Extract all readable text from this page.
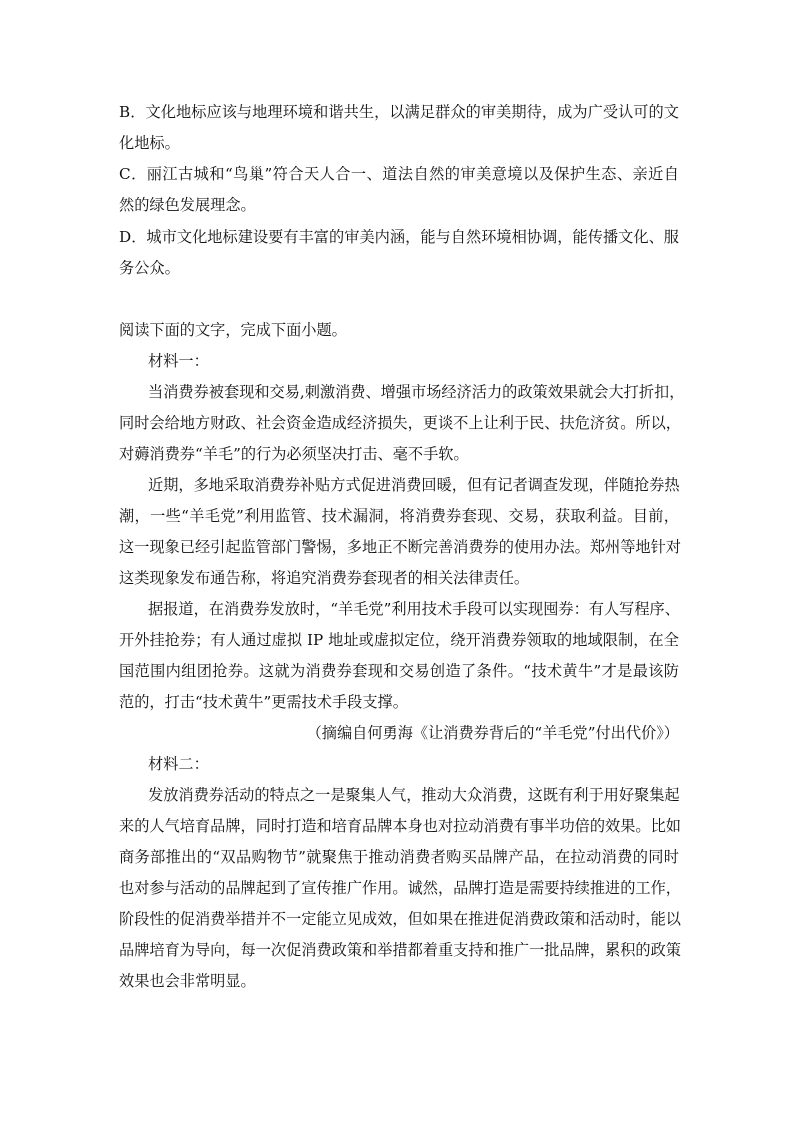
B．文化地标应该与地理环境和谐共生，以满足群众的审美期待，成为广受认可的文
化地标。
C．丽江古城和“鸟巢”符合天人合一、道法自然的审美意境以及保护生态、亲近自
然的绿色发展理念。
D．城市文化地标建设要有丰富的审美内涵，能与自然环境相协调，能传播文化、服
务公众。
阅读下面的文字，完成下面小题。
材料一：
当消费券被套现和交易,刺激消费、增强市场经济活力的政策效果就会大打折扣，
同时会给地方财政、社会资金造成经济损失，更谈不上让利于民、扶危济贫。所以，
对薅消费券“羊毛”的行为必须坚决打击、毫不手软。
近期，多地采取消费券补贴方式促进消费回暖，但有记者调查发现，伴随抢券热
潮，一些“羊毛党”利用监管、技术漏洞，将消费券套现、交易，获取利益。目前，
这一现象已经引起监管部门警惕，多地正不断完善消费券的使用办法。郑州等地针对
这类现象发布通告称，将追究消费券套现者的相关法律责任。
据报道，在消费券发放时，“羊毛党”利用技术手段可以实现囤券：有人写程序、
开外挂抢券；有人通过虚拟 IP 地址或虚拟定位，绕开消费券领取的地域限制，在全
国范围内组团抢券。这就为消费券套现和交易创造了条件。“技术黄牛”才是最该防
范的，打击“技术黄牛”更需技术手段支撑。
（摘编自何勇海《让消费券背后的“羊毛党”付出代价》）
材料二：
发放消费券活动的特点之一是聚集人气，推动大众消费，这既有利于用好聚集起
来的人气培育品牌，同时打造和培育品牌本身也对拉动消费有事半功倍的效果。比如
商务部推出的“双品购物节”就聚焦于推动消费者购买品牌产品，在拉动消费的同时
也对参与活动的品牌起到了宣传推广作用。诚然，品牌打造是需要持续推进的工作，
阶段性的促消费举措并不一定能立见成效，但如果在推进促消费政策和活动时，能以
品牌培育为导向，每一次促消费政策和举措都着重支持和推广一批品牌，累积的政策
效果也会非常明显。
